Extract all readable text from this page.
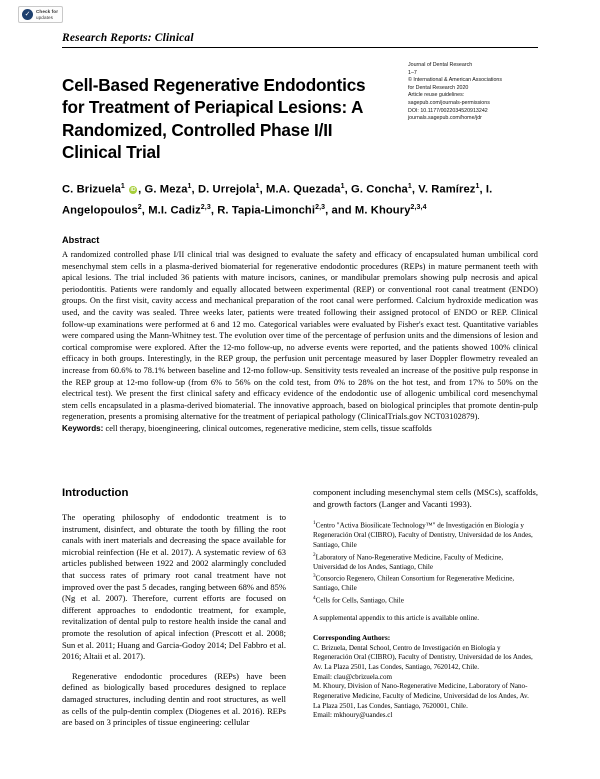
✓	Check for
updates
Research Reports: Clinical
Cell-Based Regenerative Endodontics for Treatment of Periapical Lesions: A Randomized, Controlled Phase I/II Clinical Trial
Journal of Dental Research
1–7
© International & American Associations
for Dental Research 2020
Article reuse guidelines:
sagepub.com/journals-permissions
DOI: 10.1177/0022034520913242
journals.sagepub.com/home/jdr
C. Brizuela$^1$ iD , G. Meza$^1$, D. Urrejola$^1$, M.A. Quezada$^1$, G. Concha$^1$, V. Ramírez$^1$, I. Angelopoulos$^2$, M.I. Cadiz$^{2,3}$, R. Tapia-Limonchi$^{2,3}$, and M. Khoury$^{2,3,4}$
Abstract
A randomized controlled phase I/II clinical trial was designed to evaluate the safety and efficacy of encapsulated human umbilical cord mesenchymal stem cells in a plasma-derived biomaterial for regenerative endodontic procedures (REPs) in mature permanent teeth with apical lesions. The trial included 36 patients with mature incisors, canines, or mandibular premolars showing pulp necrosis and apical periodontitis. Patients were randomly and equally allocated between experimental (REP) or conventional root canal treatment (ENDO) groups. On the first visit, cavity access and mechanical preparation of the root canal were performed. Calcium hydroxide medication was used, and the cavity was sealed. Three weeks later, patients were treated following their assigned protocol of ENDO or REP. Clinical follow-up examinations were performed at 6 and 12 mo. Categorical variables were evaluated by Fisher's exact test. Quantitative variables were compared using the Mann-Whitney test. The evolution over time of the percentage of perfusion units and the dimensions of lesion and cortical compromise were explored. After the 12-mo follow-up, no adverse events were reported, and the patients showed 100% clinical efficacy in both groups. Interestingly, in the REP group, the perfusion unit percentage measured by laser Doppler flowmetry revealed an increase from 60.6% to 78.1% between baseline and 12-mo follow-up. Sensitivity tests revealed an increase of the positive pulp response in the REP group at 12-mo follow-up (from 6% to 56% on the cold test, from 0% to 28% on the hot test, and from 17% to 50% on the electrical test). We present the first clinical safety and efficacy evidence of the endodontic use of allogenic umbilical cord mesenchymal stem cells encapsulated in a plasma-derived biomaterial. The innovative approach, based on biological principles that promote dentin-pulp regeneration, presents a promising alternative for the treatment of periapical pathology (ClinicalTrials.gov NCT03102879).
Keywords: cell therapy, bioengineering, clinical outcomes, regenerative medicine, stem cells, tissue scaffolds
Introduction

The operating philosophy of endodontic treatment is to instrument, disinfect, and obturate the tooth by filling the root canals with inert materials and decreasing the space available for microbial reinfection (He et al. 2017). A systematic review of 63 articles published between 1922 and 2002 alarmingly concluded that success rates of primary root canal treatment have not improved over the past 5 decades, ranging between 68% and 85% (Ng et al. 2007). Therefore, current efforts are focused on different approaches to endodontic treatment, for example, revitalization of dental pulp to restore health inside the canal and promote the resolution of apical infection (Prescott et al. 2008; Sun et al. 2011; Huang and Garcia-Godoy 2014; Del Fabbro et al. 2016; Altaii et al. 2017).

Regenerative endodontic procedures (REPs) have been defined as biologically based procedures designed to replace damaged structures, including dentin and root structures, as well as cells of the pulp-dentin complex (Diogenes et al. 2016). REPs are based on 3 principles of tissue engineering: cellular

component including mesenchymal stem cells (MSCs), scaffolds, and growth factors (Langer and Vacanti 1993).

$^1$Centro "Activa Biosilicate Technology™" de Investigación en Biología y Regeneración Oral (CIBRO), Faculty of Dentistry, Universidad de los Andes, Santiago, Chile
$^2$Laboratory of Nano-Regenerative Medicine, Faculty of Medicine, Universidad de los Andes, Santiago, Chile
$^3$Consorcio Regenero, Chilean Consortium for Regenerative Medicine, Santiago, Chile
$^4$Cells for Cells, Santiago, Chile
A supplemental appendix to this article is available online.
Corresponding Authors:
C. Brizuela, Dental School, Centro de Investigación en Biología y Regeneración Oral (CIBRO), Faculty of Dentistry, Universidad de los Andes, Av. La Plaza 2501, Las Condes, Santiago, 7620142, Chile.
Email: clau@cbrizuela.com
M. Khoury, Division of Nano-Regenerative Medicine, Laboratory of Nano-Regenerative Medicine, Faculty of Medicine, Universidad de los Andes, Av. La Plaza 2501, Las Condes, Santiago, 7620001, Chile.
Email: mkhoury@uandes.cl
